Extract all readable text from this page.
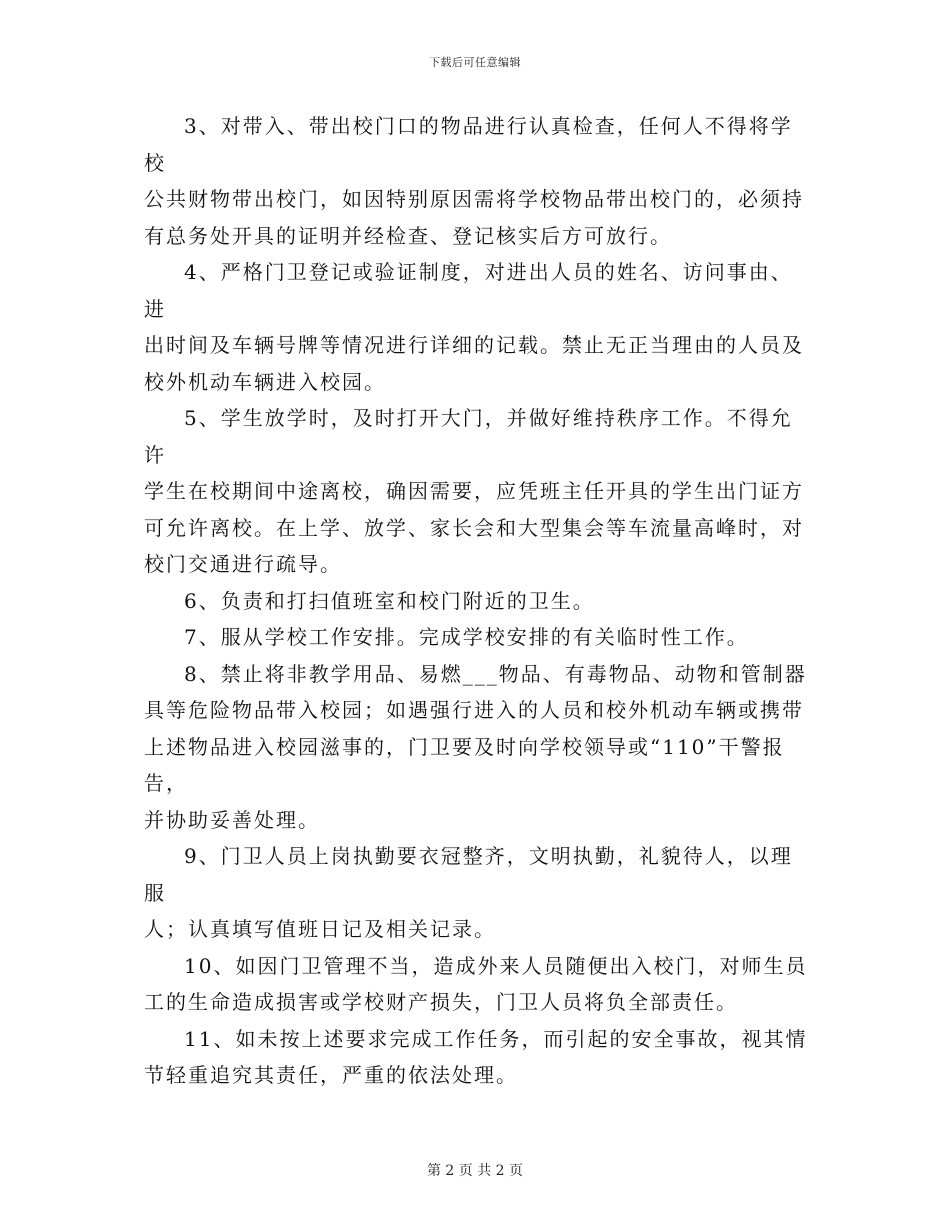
下载后可任意编辑

3、对带入、带出校门口的物品进行认真检查，任何人不得将学校
公共财物带出校门，如因特别原因需将学校物品带出校门的，必须持
有总务处开具的证明并经检查、登记核实后方可放行。

4、严格门卫登记或验证制度，对进出人员的姓名、访问事由、进
出时间及车辆号牌等情况进行详细的记载。禁止无正当理由的人员及
校外机动车辆进入校园。

5、学生放学时，及时打开大门，并做好维持秩序工作。不得允许
学生在校期间中途离校，确因需要，应凭班主任开具的学生出门证方
可允许离校。在上学、放学、家长会和大型集会等车流量高峰时，对
校门交通进行疏导。

6、负责和打扫值班室和校门附近的卫生。

7、服从学校工作安排。完成学校安排的有关临时性工作。

8、禁止将非教学用品、易燃___物品、有毒物品、动物和管制器
具等危险物品带入校园；如遇强行进入的人员和校外机动车辆或携带
上述物品进入校园滋事的，门卫要及时向学校领导或“110”干警报告，
并协助妥善处理。

9、门卫人员上岗执勤要衣冠整齐，文明执勤，礼貌待人，以理服
人；认真填写值班日记及相关记录。

10、如因门卫管理不当，造成外来人员随便出入校门，对师生员
工的生命造成损害或学校财产损失，门卫人员将负全部责任。

11、如未按上述要求完成工作任务，而引起的安全事故，视其情
节轻重追究其责任，严重的依法处理。

第 2 页 共 2 页
